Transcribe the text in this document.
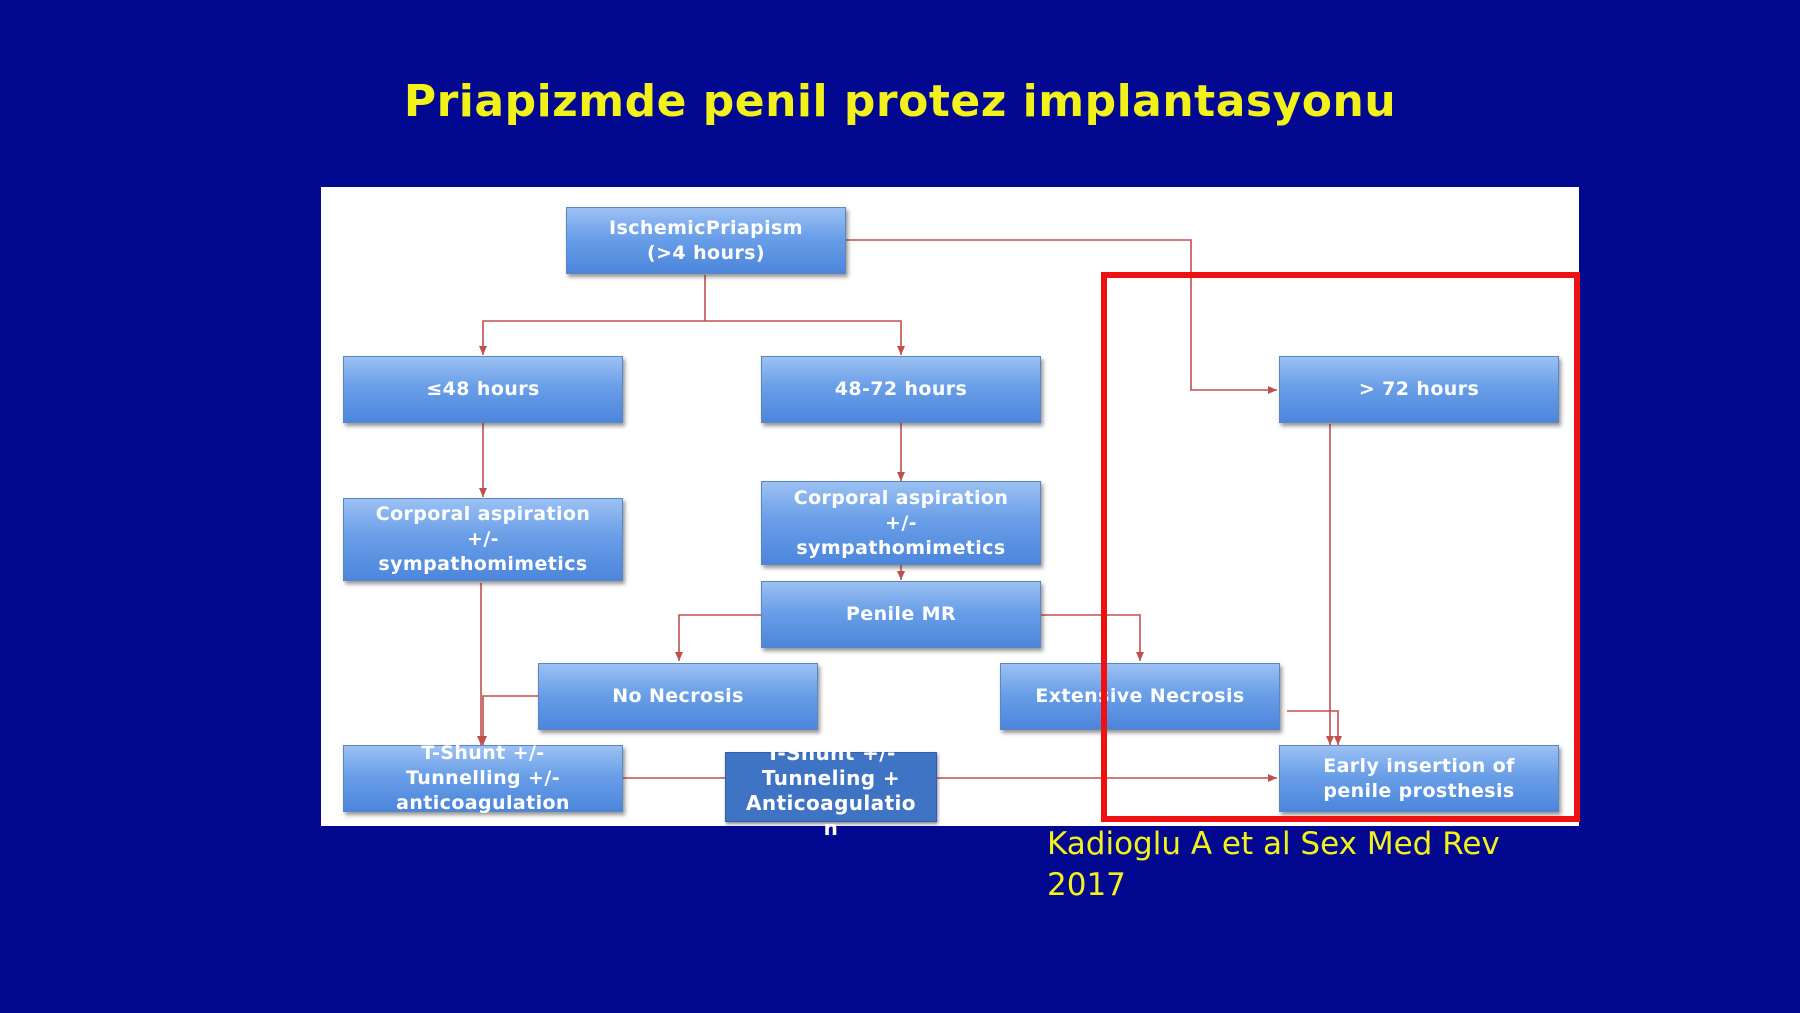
Priapizmde penil protez implantasyonu
IschemicPriapism
(>4 hours)
≤48 hours	48-72 hours	> 72 hours
Corporal aspiration
+/-
sympathomimetics
Corporal aspiration
+/-
sympathomimetics
Penile MR
No Necrosis	Extensive Necrosis
T-Shunt +/-
Tunnelling +/-
anticoagulation
T-Shunt +/-
Tunneling +
Anticoagulatio
n
Early insertion of
penile prosthesis

Kadioglu A et al Sex Med Rev
2017
